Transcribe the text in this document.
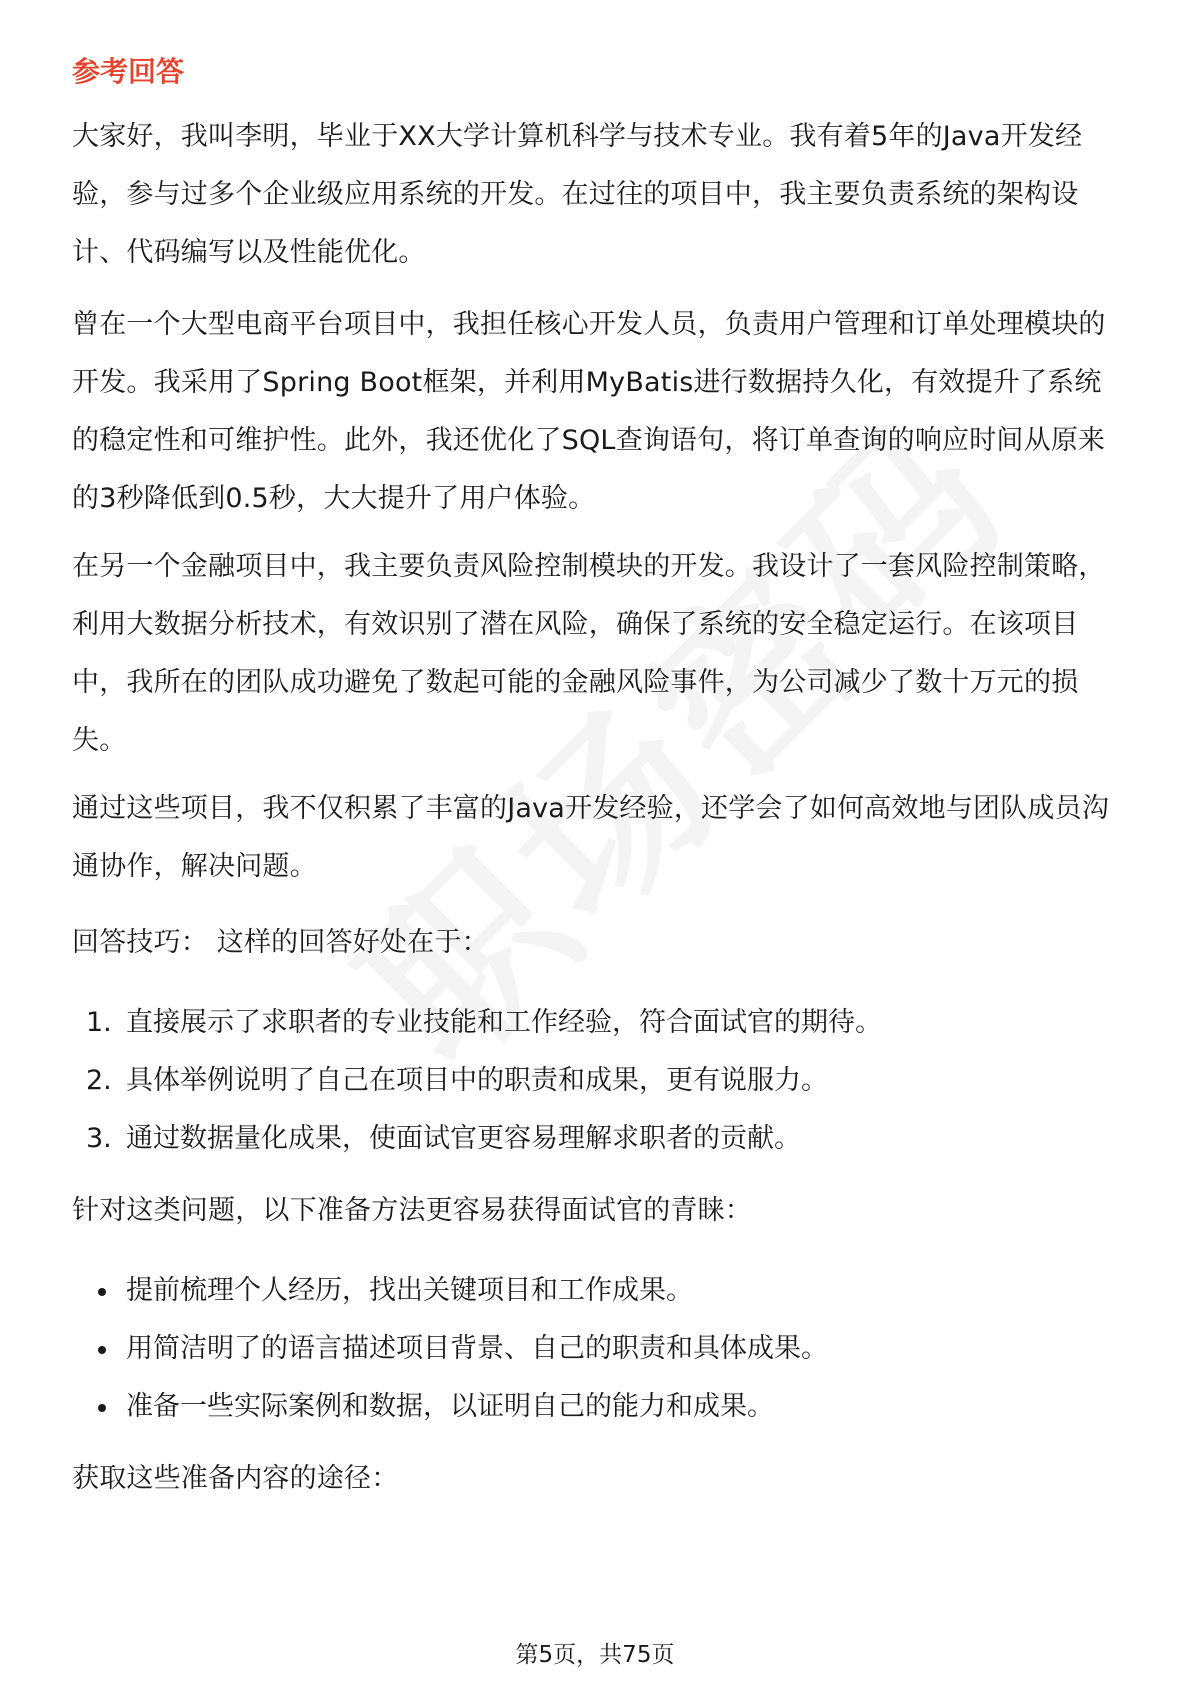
参考回答

大家好，我叫李明，毕业于XX大学计算机科学与技术专业。我有着5年的Java开发经验，参与过多个企业级应用系统的开发。在过往的项目中，我主要负责系统的架构设计、代码编写以及性能优化。

曾在一个大型电商平台项目中，我担任核心开发人员，负责用户管理和订单处理模块的开发。我采用了Spring Boot框架，并利用MyBatis进行数据持久化，有效提升了系统的稳定性和可维护性。此外，我还优化了SQL查询语句，将订单查询的响应时间从原来的3秒降低到0.5秒，大大提升了用户体验。

在另一个金融项目中，我主要负责风险控制模块的开发。我设计了一套风险控制策略，利用大数据分析技术，有效识别了潜在风险，确保了系统的安全稳定运行。在该项目中，我所在的团队成功避免了数起可能的金融风险事件，为公司减少了数十万元的损失。

通过这些项目，我不仅积累了丰富的Java开发经验，还学会了如何高效地与团队成员沟通协作，解决问题。

回答技巧： 这样的回答好处在于：

1. 直接展示了求职者的专业技能和工作经验，符合面试官的期待。
2. 具体举例说明了自己在项目中的职责和成果，更有说服力。
3. 通过数据量化成果，使面试官更容易理解求职者的贡献。

针对这类问题，以下准备方法更容易获得面试官的青睐：

提前梳理个人经历，找出关键项目和工作成果。
用简洁明了的语言描述项目背景、自己的职责和具体成果。
准备一些实际案例和数据，以证明自己的能力和成果。

获取这些准备内容的途径：

第5页，共75页
